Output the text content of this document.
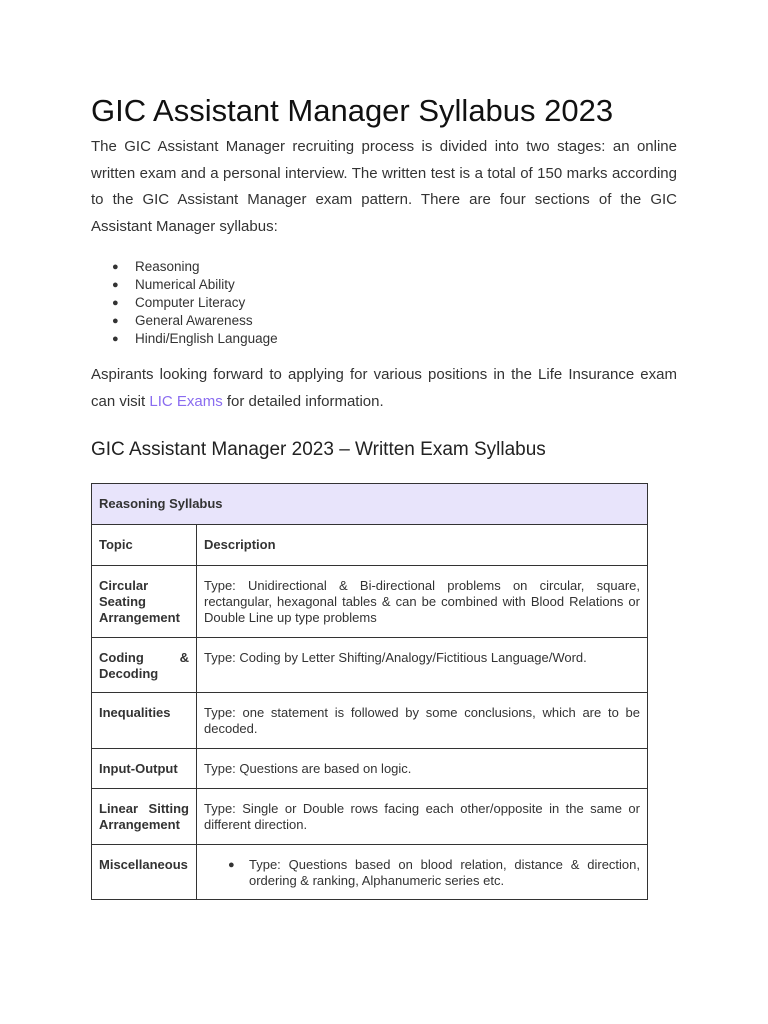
GIC Assistant Manager Syllabus 2023

The GIC Assistant Manager recruiting process is divided into two stages: an online written exam and a personal interview. The written test is a total of 150 marks according to the GIC Assistant Manager exam pattern. There are four sections of the GIC Assistant Manager syllabus:

● Reasoning
● Numerical Ability
● Computer Literacy
● General Awareness
● Hindi/English Language

Aspirants looking forward to applying for various positions in the Life Insurance exam can visit LIC Exams for detailed information.

GIC Assistant Manager 2023 – Written Exam Syllabus
Reasoning Syllabus	
Topic	Description
Circular Seating Arrangement	Type: Unidirectional & Bi-directional problems on circular, square, rectangular, hexagonal tables & can be combined with Blood Relations or Double Line up type problems

Coding & Decoding	Type: Coding by Letter Shifting/Analogy/Fictitious Language/Word.
Inequalities	Type: one statement is followed by some conclusions, which are to be decoded.
Input-Output	Type: Questions are based on logic.
Linear Sitting Arrangement	Type: Single or Double rows facing each other/opposite in the same or different direction.
Miscellaneous	● Type: Questions based on blood relation, distance & direction, ordering & ranking, Alphanumeric series etc.
